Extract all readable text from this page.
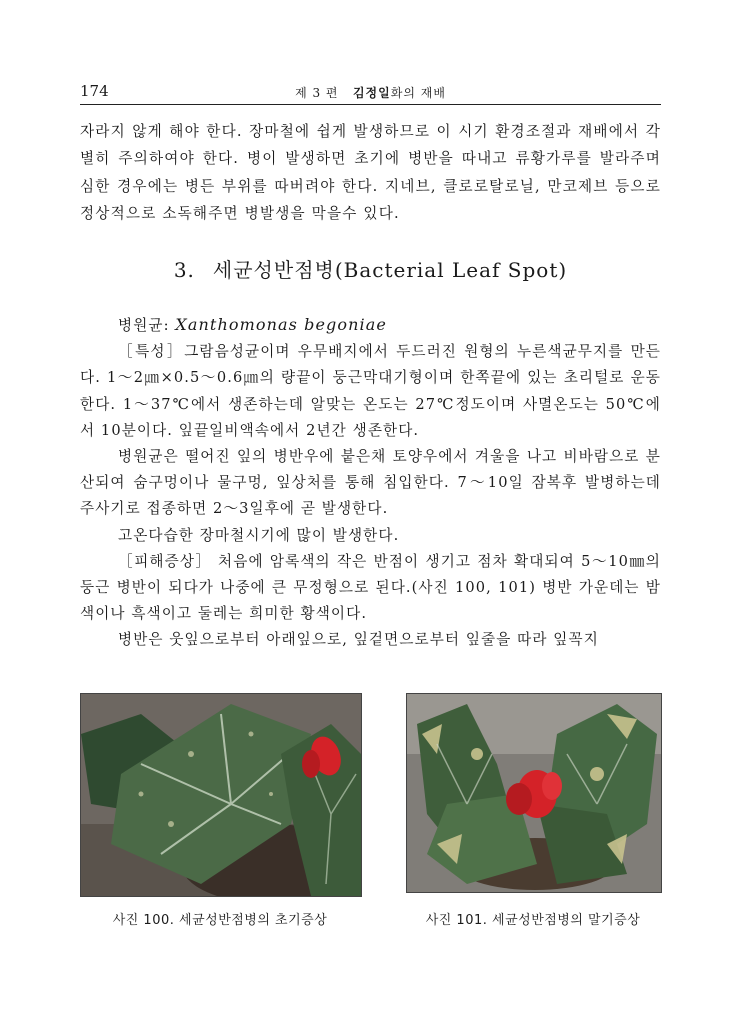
174	제 3 편 김정일화의 재배

자라지 않게 해야 한다. 장마철에 쉽게 발생하므로 이 시기 환경조절과 재배에서 각별히 주의하여야 한다. 병이 발생하면 초기에 병반을 따내고 류황가루를 발라주며 심한 경우에는 병든 부위를 따버려야 한다. 지네브, 클로로탈로닐, 만코제브 등으로 정상적으로 소독해주면 병발생을 막을수 있다.

3. 세균성반점병(Bacterial Leaf Spot)

병원균: Xanthomonas begoniae

［특성］그람음성균이며 우무배지에서 두드러진 원형의 누른색균무지를 만든다. 1～2㎛×0.5～0.6㎛의 량끝이 둥근막대기형이며 한쪽끝에 있는 초리털로 운동한다. 1～37℃에서 생존하는데 알맞는 온도는 27℃정도이며 사멸온도는 50℃에서 10분이다. 잎끝일비액속에서 2년간 생존한다.

병원균은 떨어진 잎의 병반우에 붙은채 토양우에서 겨울을 나고 비바람으로 분산되여 숨구멍이나 물구멍, 잎상처를 통해 침입한다. 7～10일 잠복후 발병하는데 주사기로 접종하면 2～3일후에 곧 발생한다.

고온다습한 장마철시기에 많이 발생한다.

［피해증상］ 처음에 암록색의 작은 반점이 생기고 점차 확대되여 5～10㎜의 둥근 병반이 되다가 나중에 큰 무정형으로 된다.(사진 100, 101) 병반 가운데는 밤색이나 흑색이고 둘레는 희미한 황색이다.

병반은 웃잎으로부터 아래잎으로, 잎겉면으로부터 잎줄을 따라 잎꼭지

사진 100. 세균성반점병의 초기증상	사진 101. 세균성반점병의 말기증상
